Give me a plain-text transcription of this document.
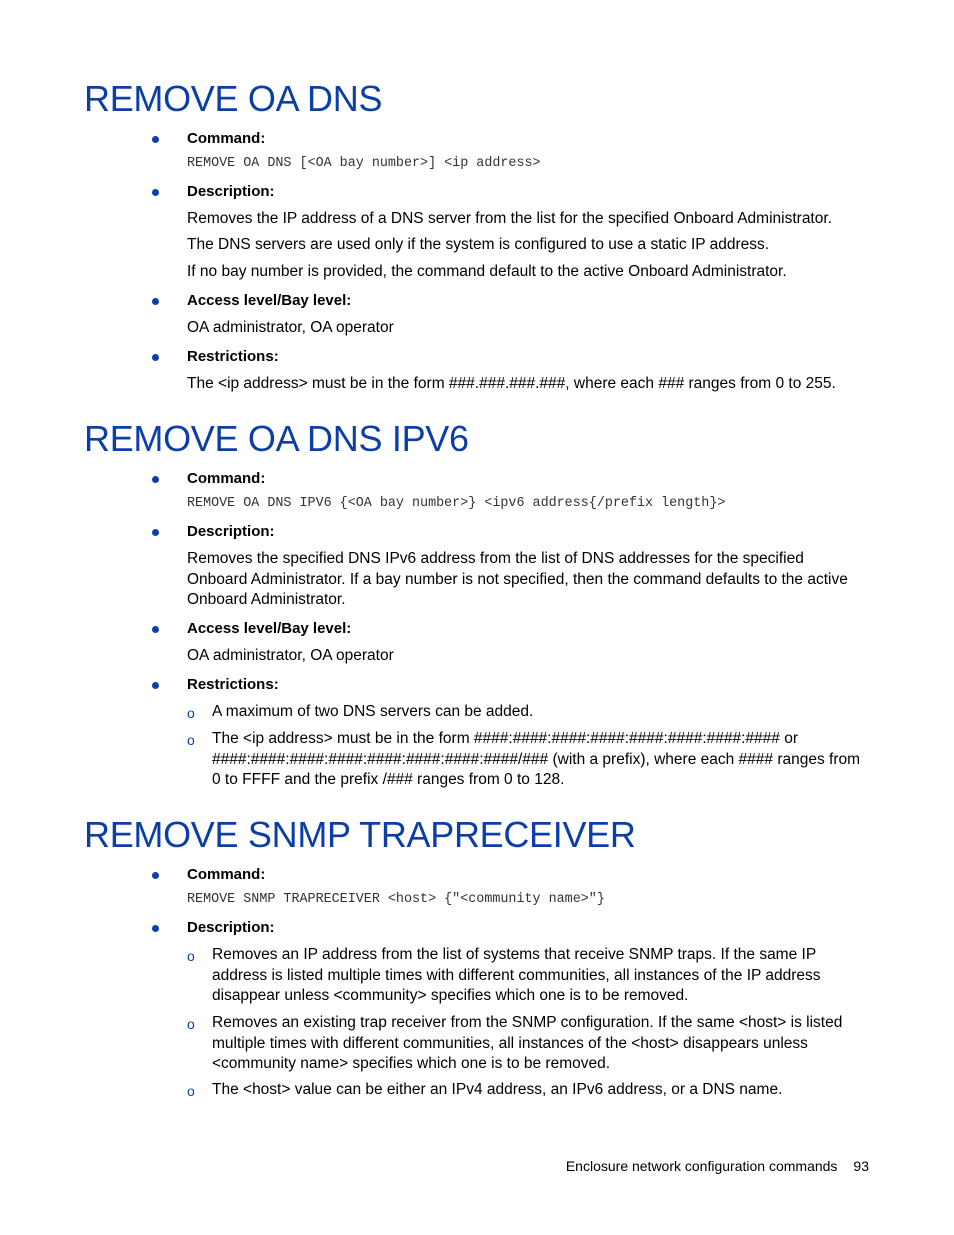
REMOVE OA DNS
Command:
REMOVE OA DNS [<OA bay number>] <ip address>
Description:
Removes the IP address of a DNS server from the list for the specified Onboard Administrator.
The DNS servers are used only if the system is configured to use a static IP address.
If no bay number is provided, the command default to the active Onboard Administrator.
Access level/Bay level:
OA administrator, OA operator
Restrictions:
The <ip address> must be in the form ###.###.###.###, where each ### ranges from 0 to 255.
REMOVE OA DNS IPV6
Command:
REMOVE OA DNS IPV6 {<OA bay number>} <ipv6 address{/prefix length}>
Description:
Removes the specified DNS IPv6 address from the list of DNS addresses for the specified Onboard Administrator. If a bay number is not specified, then the command defaults to the active Onboard Administrator.
Access level/Bay level:
OA administrator, OA operator
Restrictions:
o A maximum of two DNS servers can be added.
o The <ip address> must be in the form ####:####:####:####:####:####:####:#### or ####:####:####:####:####:####:####:####/### (with a prefix), where each #### ranges from 0 to FFFF and the prefix /### ranges from 0 to 128.
REMOVE SNMP TRAPRECEIVER
Command:
REMOVE SNMP TRAPRECEIVER <host> {"<community name>"}
Description:
o Removes an IP address from the list of systems that receive SNMP traps. If the same IP address is listed multiple times with different communities, all instances of the IP address disappear unless <community> specifies which one is to be removed.
o Removes an existing trap receiver from the SNMP configuration. If the same <host> is listed multiple times with different communities, all instances of the <host> disappears unless <community name> specifies which one is to be removed.
o The <host> value can be either an IPv4 address, an IPv6 address, or a DNS name.
Enclosure network configuration commands 93
